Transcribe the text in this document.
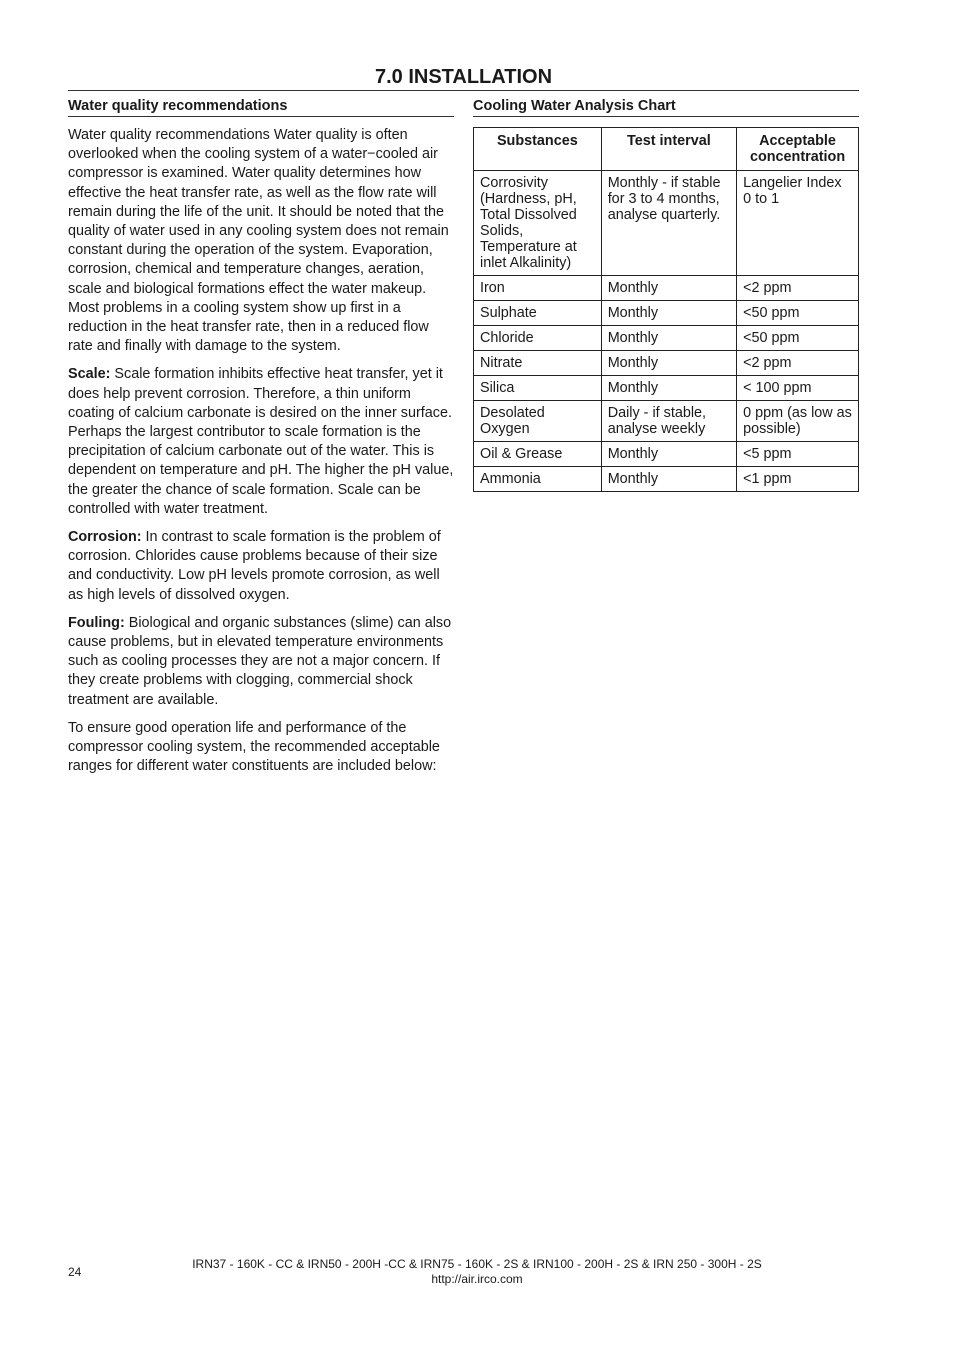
7.0 INSTALLATION
Water quality recommendations

Water quality recommendations Water quality is often overlooked when the cooling system of a water−cooled air compressor is examined. Water quality determines how effective the heat transfer rate, as well as the flow rate will remain during the life of the unit. It should be noted that the quality of water used in any cooling system does not remain constant during the operation of the system. Evaporation, corrosion, chemical and temperature changes, aeration, scale and biological formations effect the water makeup. Most problems in a cooling system show up first in a reduction in the heat transfer rate, then in a reduced flow rate and finally with damage to the system.

Scale: Scale formation inhibits effective heat transfer, yet it does help prevent corrosion. Therefore, a thin uniform coating of calcium carbonate is desired on the inner surface. Perhaps the largest contributor to scale formation is the precipitation of calcium carbonate out of the water. This is dependent on temperature and pH. The higher the pH value, the greater the chance of scale formation. Scale can be controlled with water treatment.

Corrosion: In contrast to scale formation is the problem of corrosion. Chlorides cause problems because of their size and conductivity. Low pH levels promote corrosion, as well as high levels of dissolved oxygen.

Fouling: Biological and organic substances (slime) can also cause problems, but in elevated temperature environments such as cooling processes they are not a major concern. If they create problems with clogging, commercial shock treatment are available.

To ensure good operation life and performance of the compressor cooling system, the recommended acceptable ranges for different water constituents are included below:

Cooling Water Analysis Chart
Substances	Test interval	Acceptable concentration
Corrosivity (Hardness, pH, Total Dissolved Solids, Temperature at inlet Alkalinity)	Monthly - if stable for 3 to 4 months, analyse quarterly.	Langelier Index 0 to 1
Iron	Monthly	<2 ppm
Sulphate	Monthly	<50 ppm
Chloride	Monthly	<50 ppm
Nitrate	Monthly	<2 ppm
Silica	Monthly	< 100 ppm
Desolated Oxygen	Daily - if stable, analyse weekly	0 ppm (as low as possible)
Oil & Grease	Monthly	<5 ppm
Ammonia	Monthly	<1 ppm
24
IRN37 - 160K - CC & IRN50 - 200H -CC & IRN75 - 160K - 2S & IRN100 - 200H - 2S & IRN 250 - 300H - 2S
http://air.irco.com
